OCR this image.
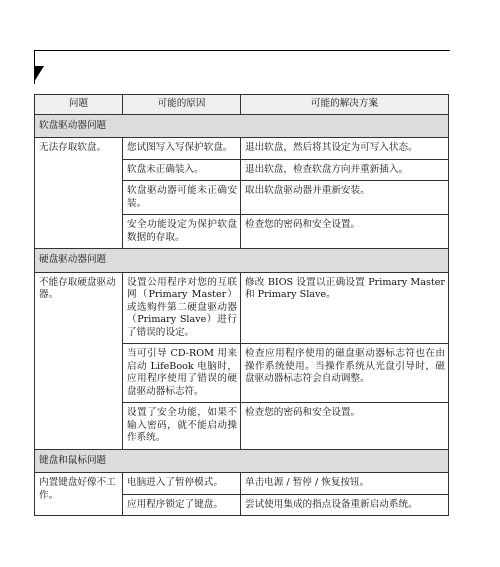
问题	可能的原因	可能的解决方案
软盘驱动器问题		
无法存取软盘。	您试图写入写保护软盘。	退出软盘，然后将其设定为可写入状态。
	软盘未正确装入。	退出软盘，检查软盘方向并重新插入。
	软盘驱动器可能未正确安装。	取出软盘驱动器并重新安装。
	安全功能设定为保护软盘数据的存取。	检查您的密码和安全设置。
硬盘驱动器问题		
不能存取硬盘驱动器。	设置公用程序对您的互联网（Primary Master）或选购件第二硬盘驱动器（Primary Slave）进行了错误的设定。	修改 BIOS 设置以正确设置 Primary Master 和 Primary Slave。
	当可引导 CD-ROM 用来启动 LifeBook 电脑时，应用程序使用了错误的硬盘驱动器标志符。	检查应用程序使用的磁盘驱动器标志符也在由操作系统使用。当操作系统从光盘引导时，磁盘驱动器标志符会自动调整。
	设置了安全功能，如果不输入密码，就不能启动操作系统。	检查您的密码和安全设置。
键盘和鼠标问题		
内置键盘好像不工作。	电脑进入了暂停模式。	单击电源 / 暂停 / 恢复按钮。
	应用程序锁定了键盘。	尝试使用集成的指点设备重新启动系统。
